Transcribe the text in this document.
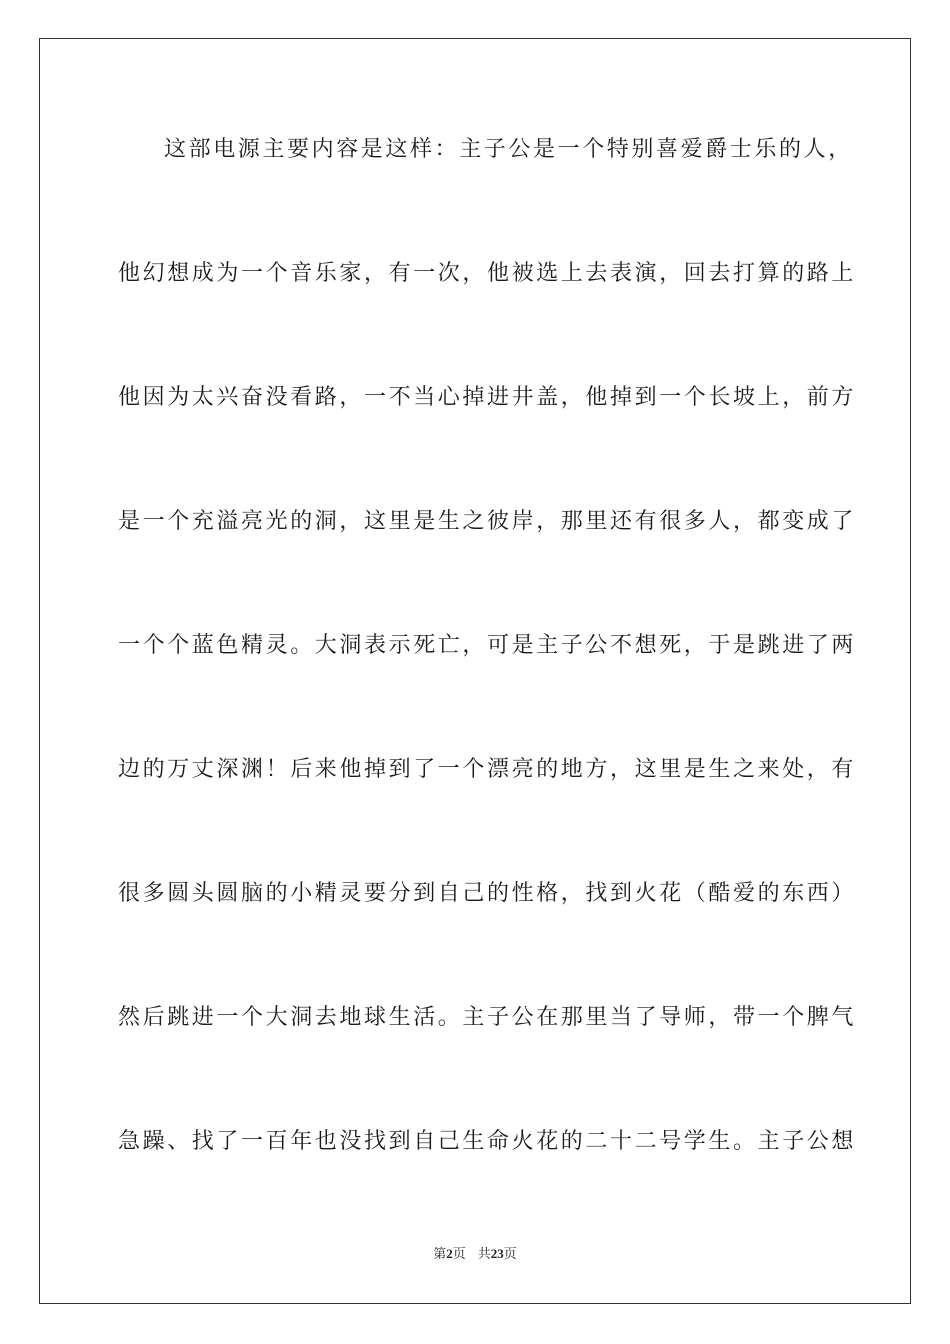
这部电源主要内容是这样：主子公是一个特别喜爱爵士乐的人，
他幻想成为一个音乐家，有一次，他被选上去表演，回去打算的路上
他因为太兴奋没看路，一不当心掉进井盖，他掉到一个长坡上，前方
是一个充溢亮光的洞，这里是生之彼岸，那里还有很多人，都变成了
一个个蓝色精灵。大洞表示死亡，可是主子公不想死，于是跳进了两
边的万丈深渊！后来他掉到了一个漂亮的地方，这里是生之来处，有
很多圆头圆脑的小精灵要分到自己的性格，找到火花（酷爱的东西）
然后跳进一个大洞去地球生活。主子公在那里当了导师，带一个脾气
急躁、找了一百年也没找到自己生命火花的二十二号学生。主子公想
第2页 共23页
